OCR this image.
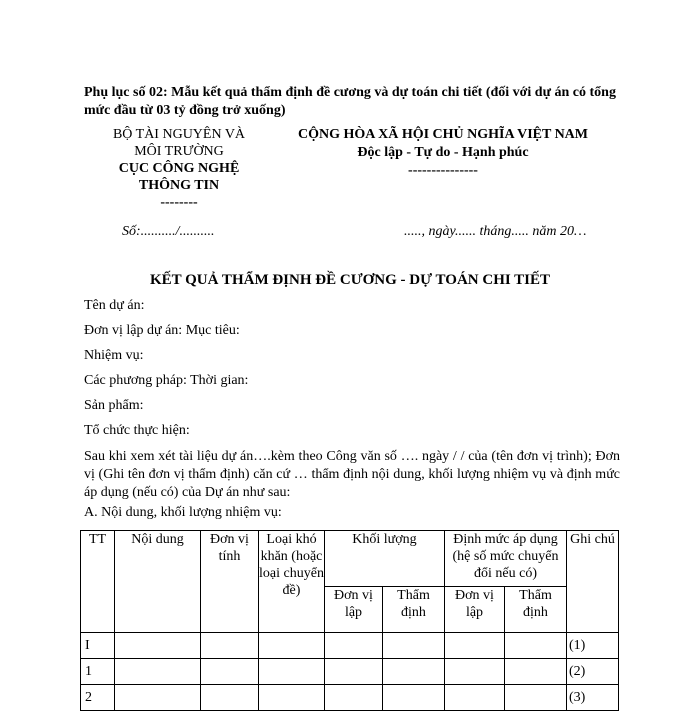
Phụ lục số 02: Mẫu kết quả thẩm định đề cương và dự toán chi tiết (đối với dự án có tổng mức đầu từ 03 tỷ đồng trở xuống)
BỘ TÀI NGUYÊN VÀ
MÔI TRƯỜNG
CỤC CÔNG NGHỆ
THÔNG TIN
--------
CỘNG HÒA XÃ HỘI CHỦ NGHĨA VIỆT NAM
Độc lập - Tự do - Hạnh phúc
---------------
Số:........../..........	....., ngày...... tháng..... năm 20…
KẾT QUẢ THẨM ĐỊNH ĐỀ CƯƠNG - DỰ TOÁN CHI TIẾT
Tên dự án:
Đơn vị lập dự án: Mục tiêu:
Nhiệm vụ:
Các phương pháp: Thời gian:
Sản phẩm:
Tổ chức thực hiện:
Sau khi xem xét tài liệu dự án….kèm theo Công văn số …. ngày / / của (tên đơn vị trình); Đơn vị (Ghi tên đơn vị thẩm định) căn cứ … thẩm định nội dung, khối lượng nhiệm vụ và định mức áp dụng (nếu có) của Dự án như sau:
A. Nội dung, khối lượng nhiệm vụ:
TT	Nội dung	Đơn vị tính	Loại khó khăn (hoặc loại chuyển đề)	Khối lượng		Định mức áp dụng (hệ số mức chuyển đổi nếu có)		Ghi chú
				Đơn vị lập	Thẩm định	Đơn vị lập	Thẩm định	
I								(1)
1								(2)
2								(3)
